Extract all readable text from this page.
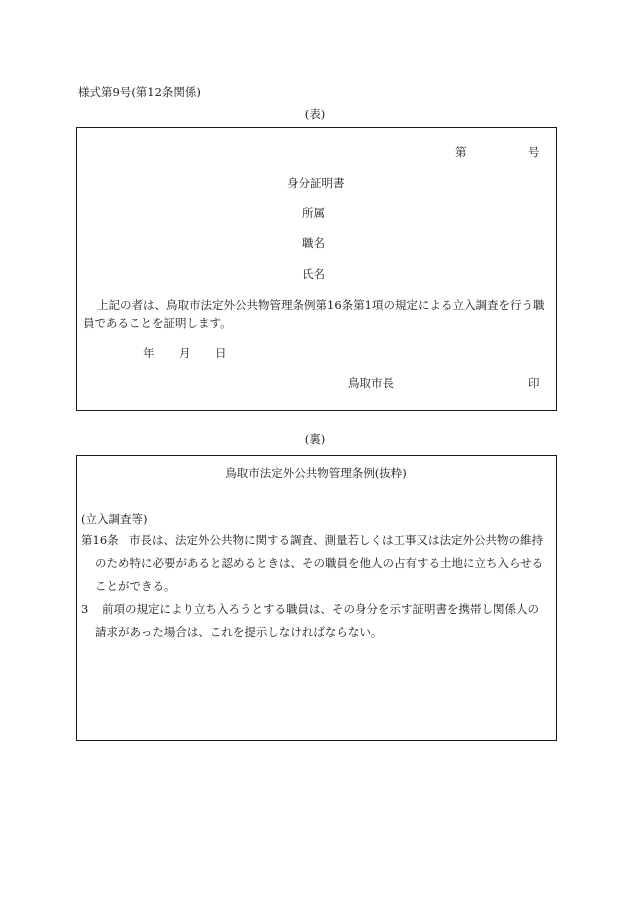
様式第9号(第12条関係)
(表)
第	号
身分証明書
所属
職名
氏名
上記の者は、鳥取市法定外公共物管理条例第16条第1項の規定による立入調査を行う職
員であることを証明します。
年 月 日
鳥取市長	印
(裏)
鳥取市法定外公共物管理条例(抜粋)
(立入調査等)
第16条 市長は、法定外公共物に関する調査、測量若しくは工事又は法定外公共物の維持
のため特に必要があると認めるときは、その職員を他人の占有する土地に立ち入らせる
ことができる。
3 前項の規定により立ち入ろうとする職員は、その身分を示す証明書を携帯し関係人の
請求があった場合は、これを提示しなければならない。
